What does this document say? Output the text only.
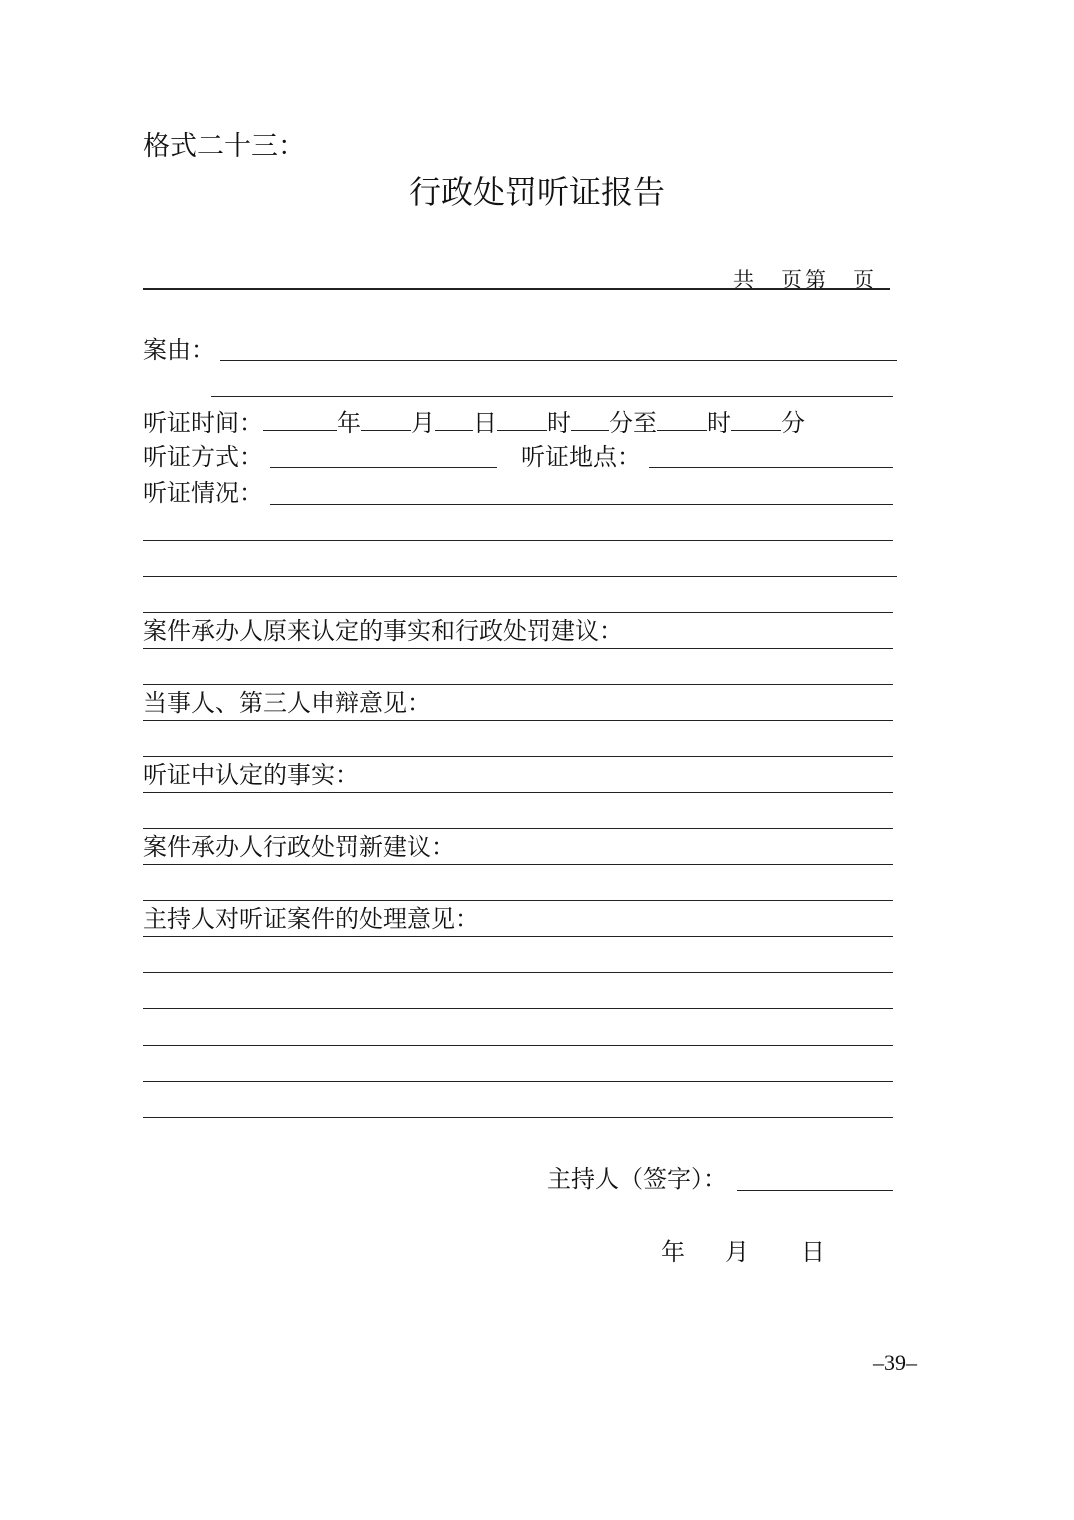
格式二十三：
行政处罚听证报告
共　页第　页
案由：
听证时间：	年 月 日 时 分至 时 分
听证方式：	听证地点：
听证情况：
案件承办人原来认定的事实和行政处罚建议：
当事人、第三人申辩意见：
听证中认定的事实：
案件承办人行政处罚新建议：
主持人对听证案件的处理意见：
主持人（签字）：
年 月 日
–39–
